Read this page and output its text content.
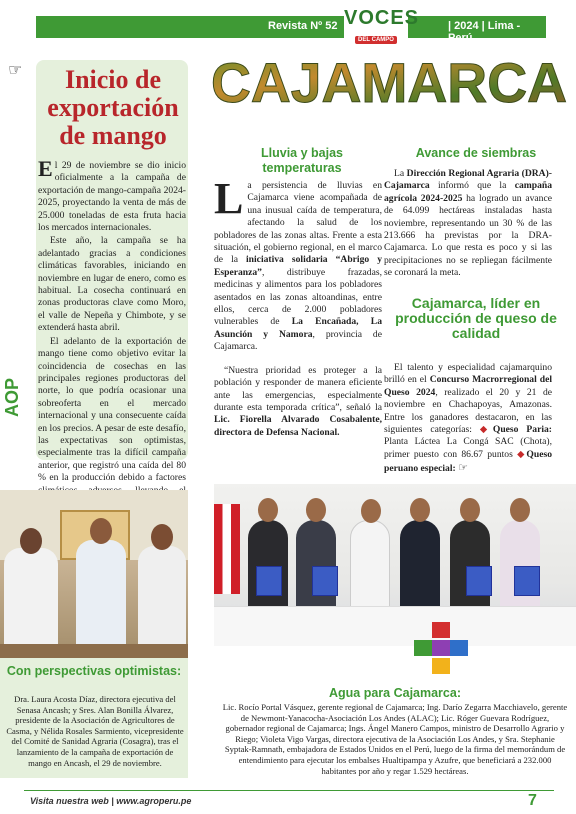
Revista Nº 52	| 2024 | Lima - Perú
VOCES
DEL CAMPO
☞	Inicio de exportación de mango

El 29 de noviembre se dio inicio oficialmente a la campaña de exportación de mango-campaña 2024-2025, proyectando la venta de más de 25.000 toneladas de esta fruta hacia los mercados internacionales.

Este año, la campaña se ha adelantado gracias a condiciones climáticas favorables, iniciando en noviembre en lugar de enero, como es habitual. La cosecha continuará en zonas productoras clave como Moro, el valle de Nepeña y Chimbote, y se extenderá hasta abril.

El adelanto de la exportación de mango tiene como objetivo evitar la coincidencia de cosechas en las principales regiones productoras del norte, lo que podría ocasionar una sobreoferta en el mercado internacional y una consecuente caída en los precios. A pesar de este desafío, las expectativas son optimistas, especialmente tras la difícil campaña anterior, que registró una caída del 80 % en la producción debido a factores

AOP
Con perspectivas optimistas:
Dra. Laura Acosta Díaz, directora ejecutiva del Senasa Ancash; y Sres. Alan Bonilla Álvarez, presidente de la Asociación de Agricultores de Casma, y Nélida Rosales Sarmiento, vicepresidente del Comité de Sanidad Agraria (Cosagra), tras el lanzamiento de la campaña de exportación de mango en Ancash, el 29 de noviembre.
CAJAMARCA
Lluvia y bajas temperaturas

La persistencia de lluvias en Cajamarca viene acompañada de una inusual caída de temperatura, afectando la salud de los pobladores de las zonas altas. Frente a esta situación, el gobierno regional, en el marco de la iniciativa solidaria “Abrigo y Esperanza”, distribuye frazadas, medicinas y alimentos para los pobladores asentados en las zonas altoandinas, entre ellos, cerca de 2.000 pobladores vulnerables de La Encañada, La Asunción y Namora, provincia de Cajamarca.

“Nuestra prioridad es proteger a la población y responder de manera eficiente ante las emergencias, especialmente durante esta temporada crítica”, señaló la Lic. Fiorella Alvarado Cosabalente, directora de Defensa Nacional.

Avance de siembras
La Dirección Regional Agraria (DRA)- Cajamarca informó que la campaña agrícola 2024-2025 ha logrado un avance de 64.099 hectáreas instaladas hasta noviembre, representando un 30 % de las 213.666 ha previstas por la DRA-Cajamarca. Lo que resta es poco y si las precipitaciones no se repliegan fácilmente se coronará la meta.
Cajamarca, líder en producción de queso de calidad
El talento y especialidad cajamarquino brilló en el Concurso Macrorregional del Queso 2024, realizado el 20 y 21 de noviembre en Chachapoyas, Amazonas. Entre los ganadores destacaron, en las siguientes categorías: ◆Queso Paria: Planta Láctea La Congá SAC (Chota), primer puesto con 86.67 puntos ◆Queso peruano especial: ☞
Agua para Cajamarca:
Lic. Rocío Portal Vásquez, gerente regional de Cajamarca; Ing. Darío Zegarra Macchiavelo, gerente de Newmont-Yanacocha-Asociación Los Andes (ALAC); Lic. Róger Guevara Rodríguez, gobernador regional de Cajamarca; Ings. Ángel Manero Campos, ministro de Desarrollo Agrario y Riego; Violeta Vigo Vargas, directora ejecutiva de la Asociación Los Andes, y Sra. Stephanie Syptak-Ramnath, embajadora de Estados Unidos en el Perú, luego de la firma del memorándum de entendimiento para ejecutar los embalses Hualtipampa y Azufre, que beneficiará a 232.000 habitantes por año y regar 1.529 hectáreas.
Visita nuestra web | www.agroperu.pe	7
